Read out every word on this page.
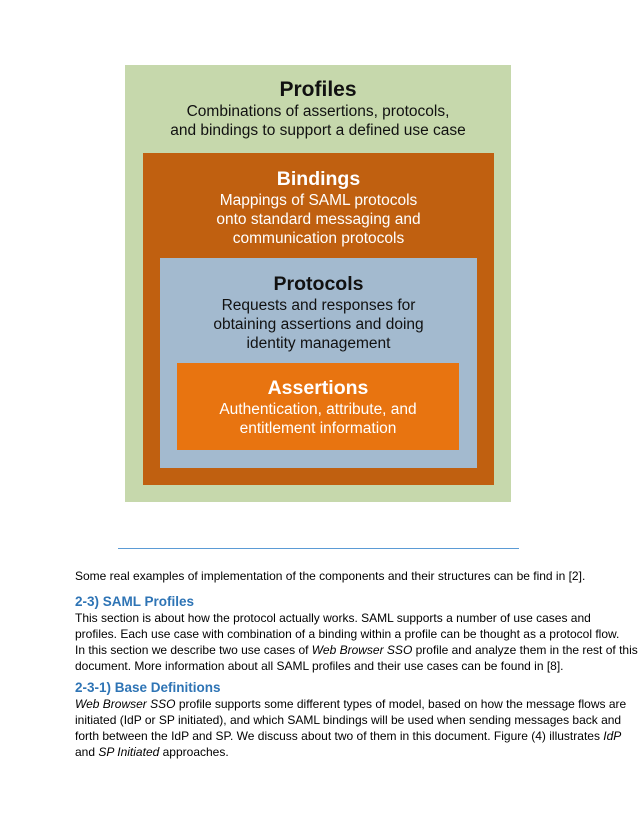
Profiles
Combinations of assertions, protocols,
and bindings to support a defined use case
Bindings
Mappings of SAML protocols
onto standard messaging and
communication protocols
Protocols
Requests and responses for
obtaining assertions and doing
identity management
Assertions
Authentication, attribute, and
entitlement information

Some real examples of implementation of the components and their structures can be find in [2].

2-3) SAML Profiles

This section is about how the protocol actually works. SAML supports a number of use cases and
profiles. Each use case with combination of a binding within a profile can be thought as a protocol flow.
In this section we describe two use cases of Web Browser SSO profile and analyze them in the rest of this
document. More information about all SAML profiles and their use cases can be found in [8].

2-3-1) Base Definitions

Web Browser SSO profile supports some different types of model, based on how the message flows are
initiated (IdP or SP initiated), and which SAML bindings will be used when sending messages back and
forth between the IdP and SP. We discuss about two of them in this document. Figure (4) illustrates IdP
and SP Initiated approaches.
